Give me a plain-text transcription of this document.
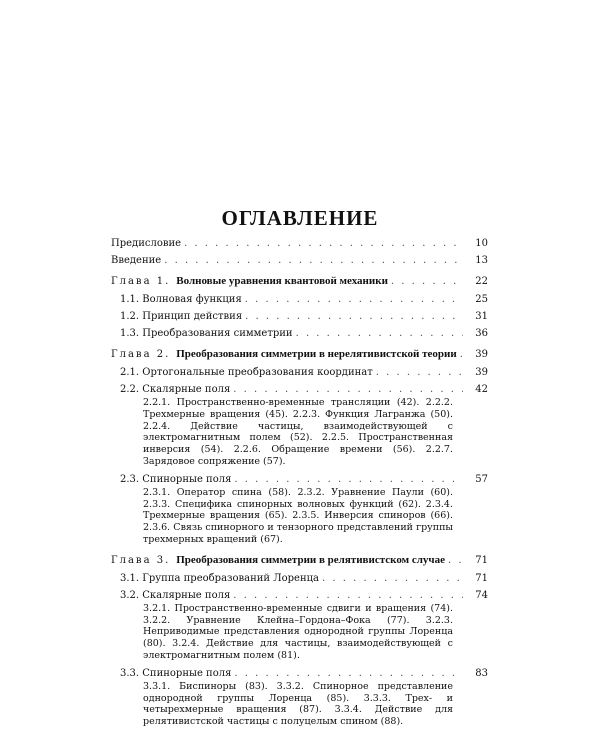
ОГЛАВЛЕНИЕ
Предисловие . . .	10
Введение . . .	13
Глава 1. Волновые уравнения квантовой механики . . .	22
1.1. Волновая функция . . .	25
1.2. Принцип действия . . .	31
1.3. Преобразования симметрии . . .	36
Глава 2. Преобразования симметрии в нерелятивистской теории . . .	39
2.1. Ортогональные преобразования координат . . .	39
2.2. Скалярные поля . . .	42
2.2.1. Пространственно-временные трансляции (42). 2.2.2. Трехмерные вращения (45). 2.2.3. Функция Лагранжа (50). 2.2.4. Действие частицы, взаимодействующей с электромагнитным полем (52). 2.2.5. Пространственная инверсия (54). 2.2.6. Обращение времени (56). 2.2.7. Зарядовое сопряжение (57).
2.3. Спинорные поля . . .	57
2.3.1. Оператор спина (58). 2.3.2. Уравнение Паули (60). 2.3.3. Специфика спинорных волновых функций (62). 2.3.4. Трехмерные вращения (65). 2.3.5. Инверсия спиноров (66). 2.3.6. Связь спинорного и тензорного представлений группы трехмерных вращений (67).
Глава 3. Преобразования симметрии в релятивистском случае . . .	71
3.1. Группа преобразований Лоренца . . .	71
3.2. Скалярные поля . . .	74
3.2.1. Пространственно-временные сдвиги и вращения (74). 3.2.2. Уравнение Клейна–Гордона–Фока (77). 3.2.3. Неприводимые представления однородной группы Лоренца (80). 3.2.4. Действие для частицы, взаимодействующей с электромагнитным полем (81).
3.3. Спинорные поля . . .	83
3.3.1. Биспиноры (83). 3.3.2. Спинорное представление однородной группы Лоренца (85). 3.3.3. Трех- и четырехмерные вращения (87). 3.3.4. Действие для релятивистской частицы с полуцелым спином (88).
